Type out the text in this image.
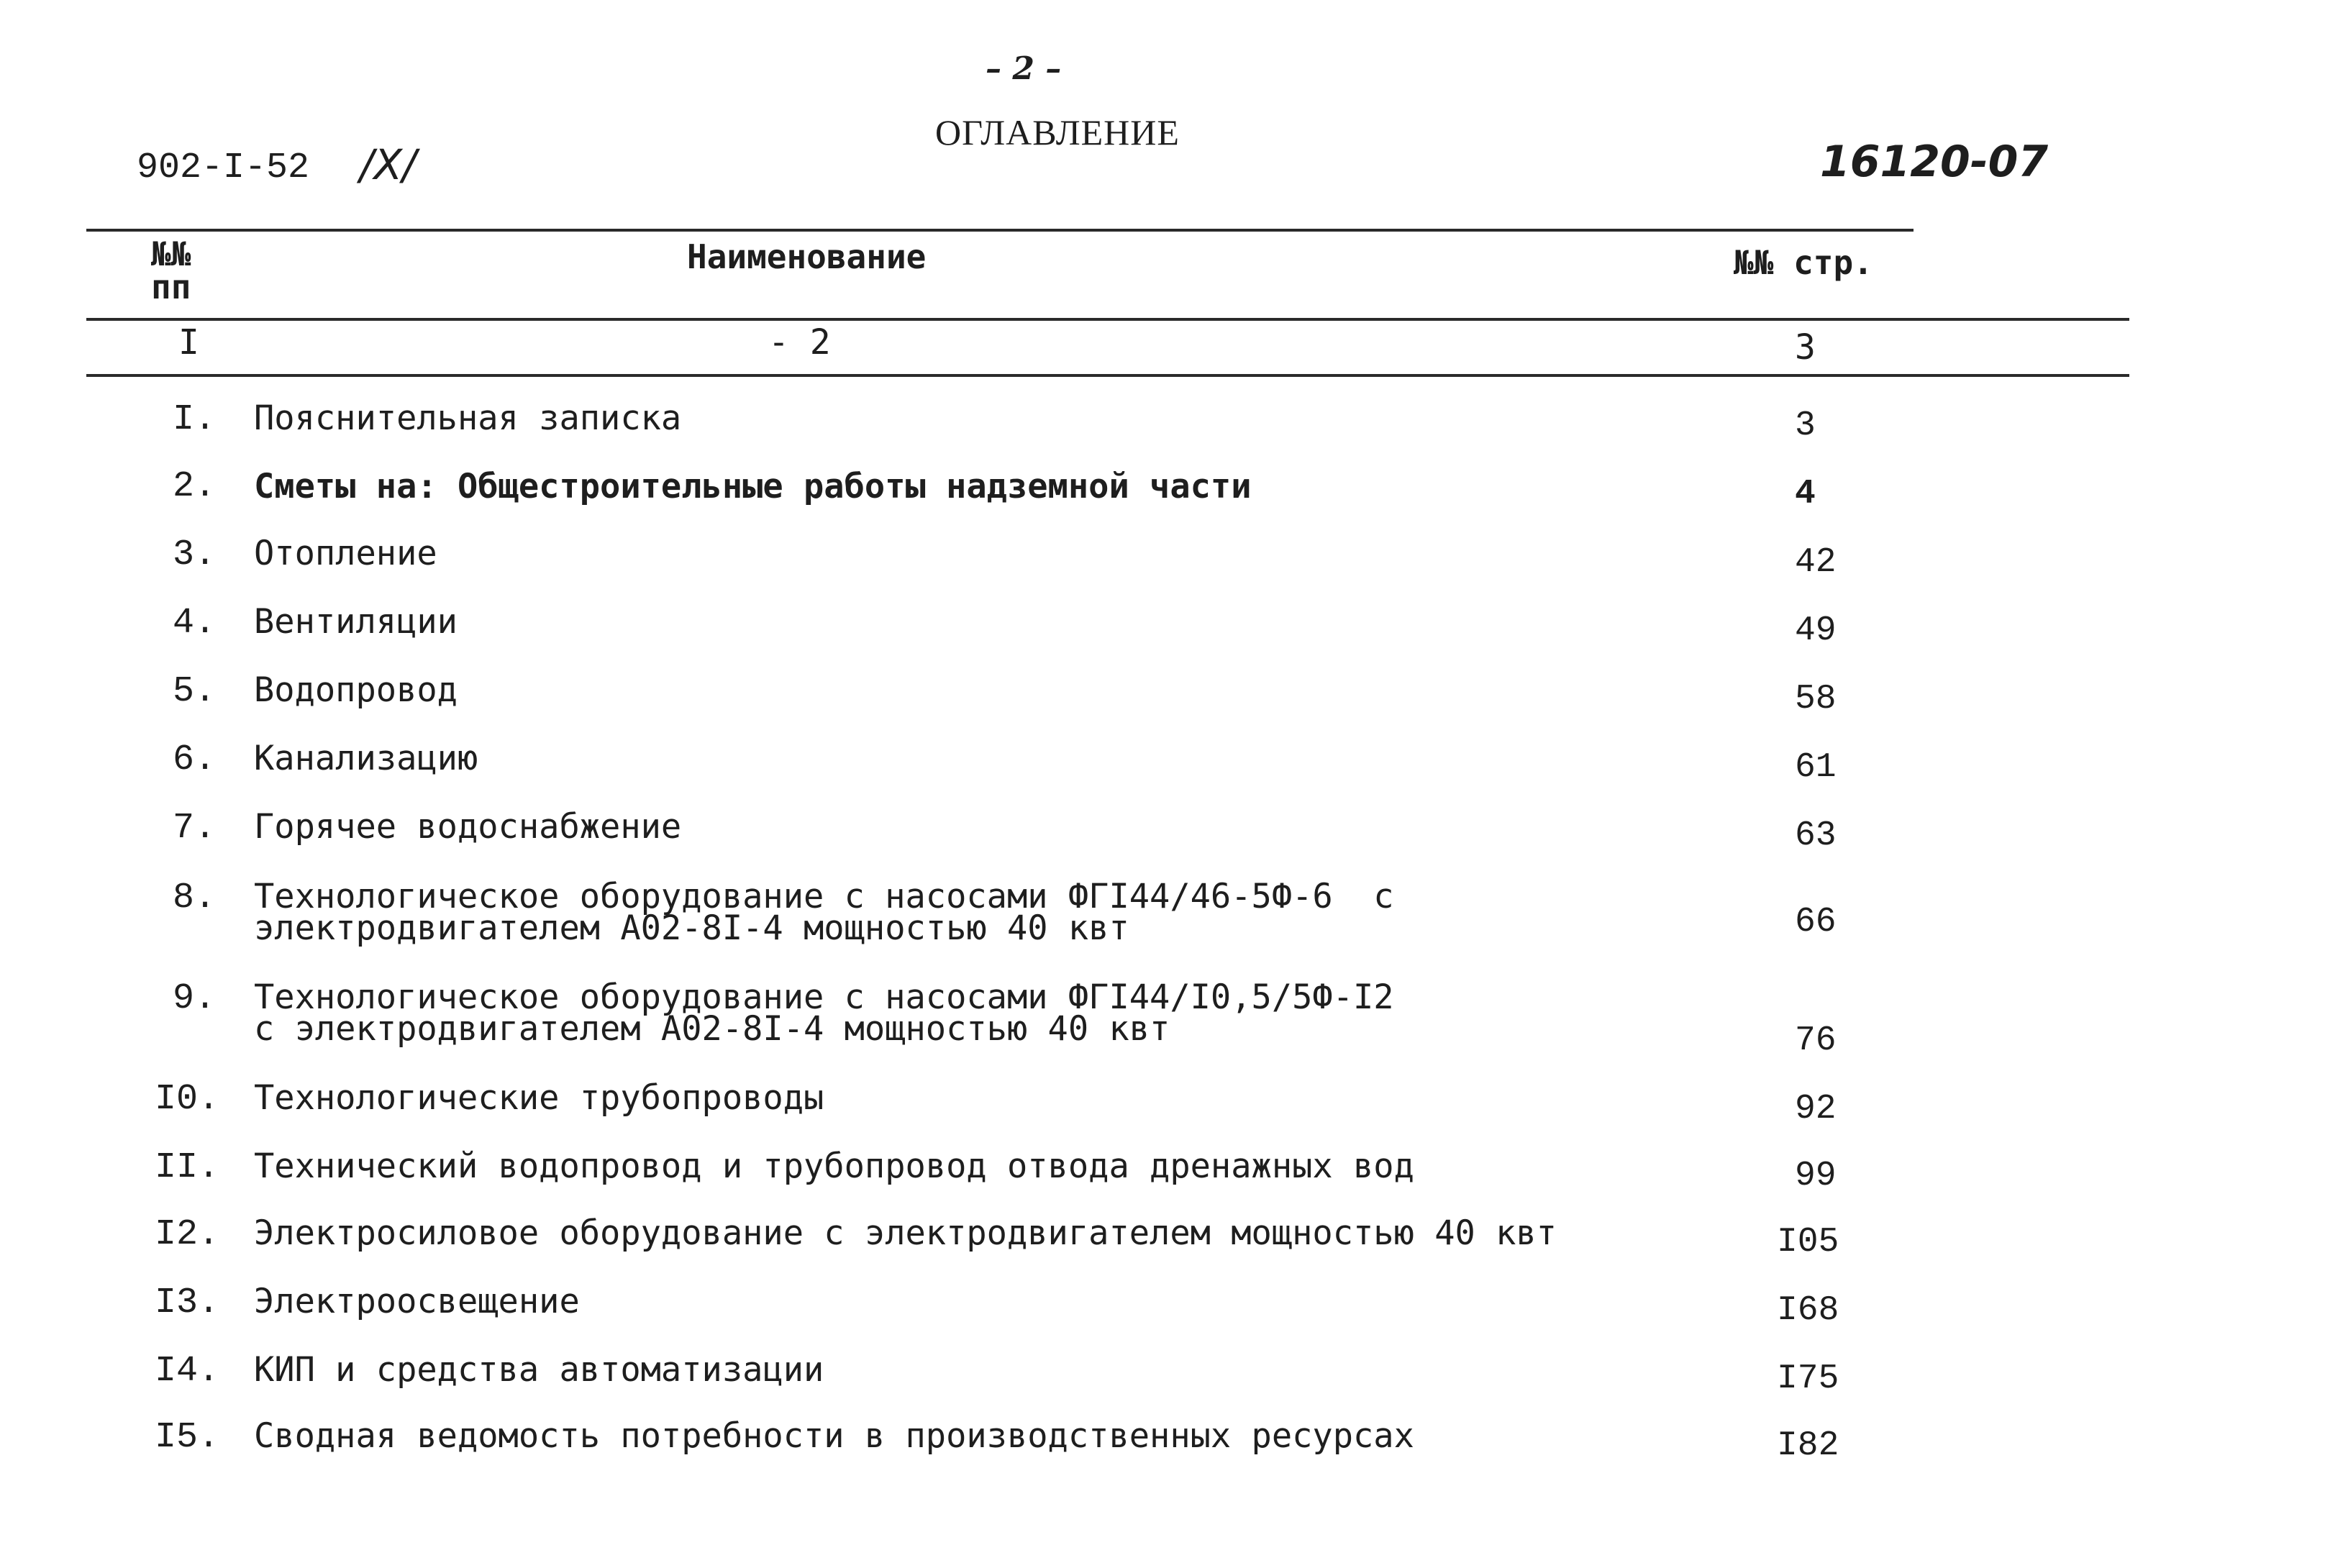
– 2 –
ОГЛАВЛЕНИЕ
902-I-52 /X/	16120-07
№№
пп
Наименование	№№ стр.
I	- 2	3
I. Пояснительная записка	3
2. Сметы на: Общестроительные работы надземной части	4
3. Отопление	42
4. Вентиляции	49
5. Водопровод	58
6. Канализацию	61
7. Горячее водоснабжение	63
8. Технологическое оборудование с насосами ФГI44/46-5Ф-6  с
электродвигателем А02-8I-4 мощностью 40 квт	66
9. Технологическое оборудование с насосами ФГI44/I0,5/5Ф-I2
с электродвигателем А02-8I-4 мощностью 40 квт	76
I0. Технологические трубопроводы	92
II. Технический водопровод и трубопровод отвода дренажных вод	99
I2. Электросиловое оборудование с электродвигателем мощностью 40 квт	I05
I3. Электроосвещение	I68
I4. КИП и средства автоматизации	I75
I5. Сводная ведомость потребности в производственных ресурсах	I82
